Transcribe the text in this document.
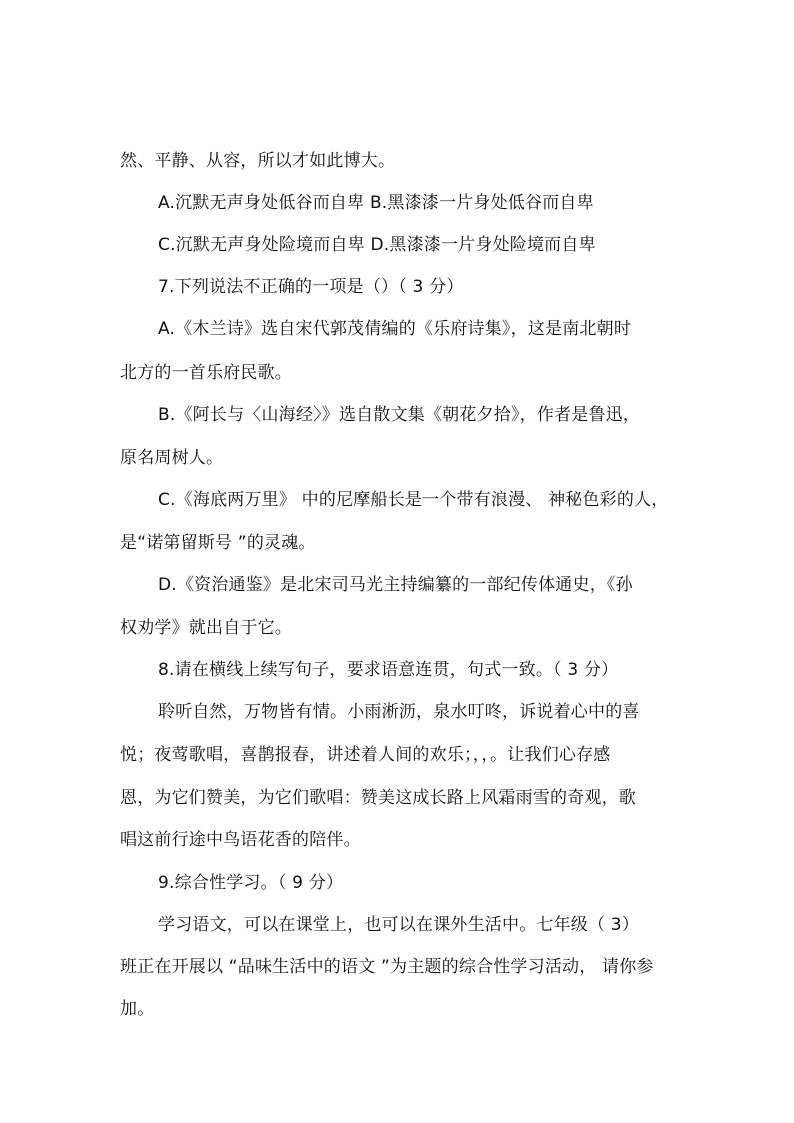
然、平静、从容，所以才如此博大。
A.沉默无声身处低谷而自卑 B.黑漆漆一片身处低谷而自卑
C.沉默无声身处险境而自卑 D.黑漆漆一片身处险境而自卑
7.下列说法不正确的一项是（）（ 3 分）
A.《木兰诗》选自宋代郭茂倩编的《乐府诗集》，这是南北朝时
北方的一首乐府民歌。
B.《阿长与〈山海经〉》选自散文集《朝花夕拾》，作者是鲁迅，
原名周树人。
C.《海底两万里》 中的尼摩船长是一个带有浪漫、 神秘色彩的人，
是“诺第留斯号 ”的灵魂。
D.《资治通鉴》是北宋司马光主持编纂的一部纪传体通史，《孙
权劝学》就出自于它。
8.请在横线上续写句子，要求语意连贯，句式一致。（ 3 分）
聆听自然，万物皆有情。小雨淅沥，泉水叮咚，诉说着心中的喜
悦；夜莺歌唱，喜鹊报春，讲述着人间的欢乐；，，。让我们心存感
恩，为它们赞美，为它们歌唱：赞美这成长路上风霜雨雪的奇观，歌
唱这前行途中鸟语花香的陪伴。
9.综合性学习。（ 9 分）
学习语文，可以在课堂上，也可以在课外生活中。七年级（ 3）
班正在开展以 “品味生活中的语文 ”为主题的综合性学习活动， 请你参
加。
